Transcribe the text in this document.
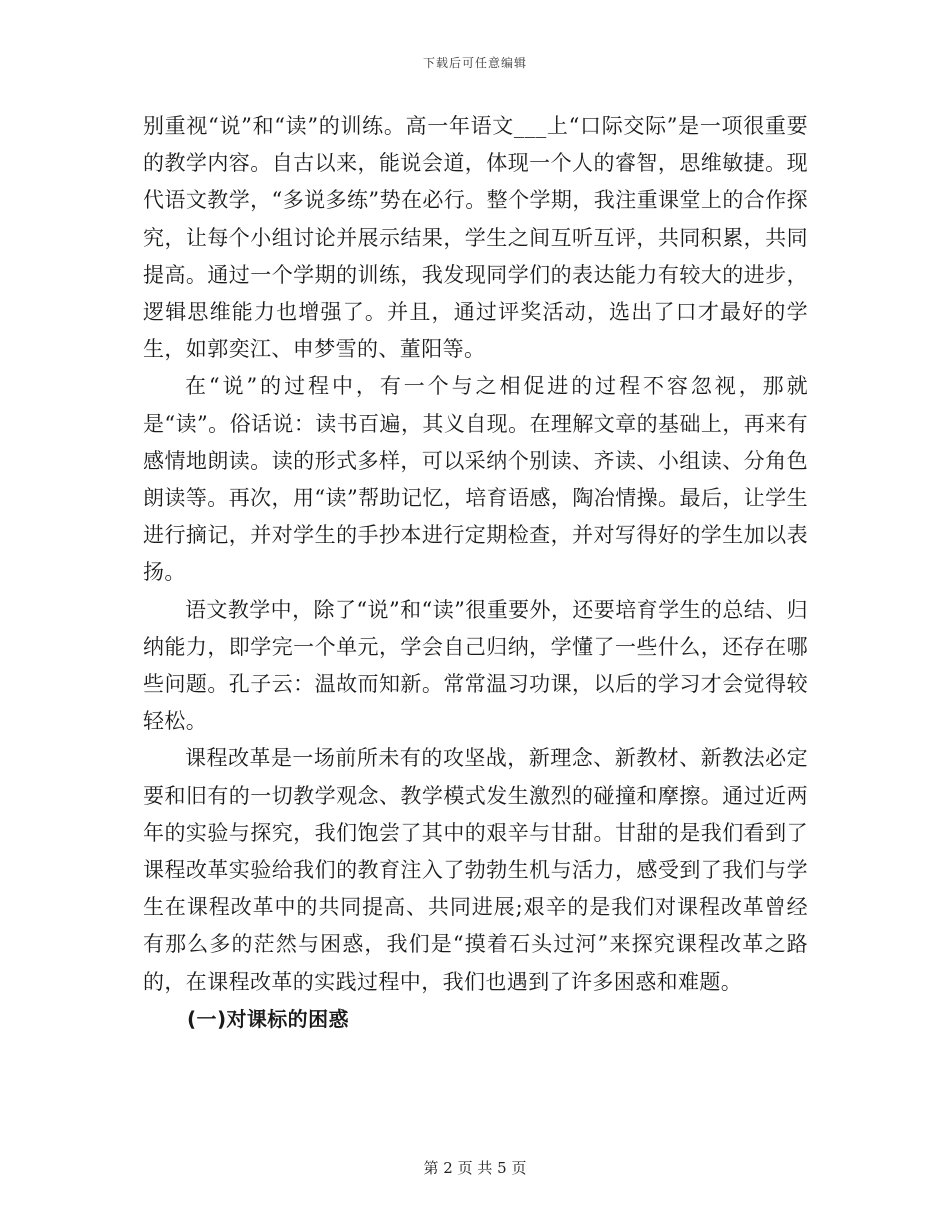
下载后可任意编辑

别重视“说”和“读”的训练。高一年语文___上“口际交际”是一项很重要的教学内容。自古以来，能说会道，体现一个人的睿智，思维敏捷。现代语文教学，“多说多练”势在必行。整个学期，我注重课堂上的合作探究，让每个小组讨论并展示结果，学生之间互听互评，共同积累，共同提高。通过一个学期的训练，我发现同学们的表达能力有较大的进步，逻辑思维能力也增强了。并且，通过评奖活动，选出了口才最好的学生，如郭奕江、申梦雪的、董阳等。

在“说”的过程中，有一个与之相促进的过程不容忽视，那就是“读”。俗话说：读书百遍，其义自现。在理解文章的基础上，再来有感情地朗读。读的形式多样，可以采纳个别读、齐读、小组读、分角色朗读等。再次，用“读”帮助记忆，培育语感，陶冶情操。最后，让学生进行摘记，并对学生的手抄本进行定期检查，并对写得好的学生加以表扬。

语文教学中，除了“说”和“读”很重要外，还要培育学生的总结、归纳能力，即学完一个单元，学会自己归纳，学懂了一些什么，还存在哪些问题。孔子云：温故而知新。常常温习功课，以后的学习才会觉得较轻松。

课程改革是一场前所未有的攻坚战，新理念、新教材、新教法必定要和旧有的一切教学观念、教学模式发生激烈的碰撞和摩擦。通过近两年的实验与探究，我们饱尝了其中的艰辛与甘甜。甘甜的是我们看到了课程改革实验给我们的教育注入了勃勃生机与活力，感受到了我们与学生在课程改革中的共同提高、共同进展;艰辛的是我们对课程改革曾经有那么多的茫然与困惑，我们是“摸着石头过河”来探究课程改革之路的，在课程改革的实践过程中，我们也遇到了许多困惑和难题。

(一)对课标的困惑

第 2 页 共 5 页
